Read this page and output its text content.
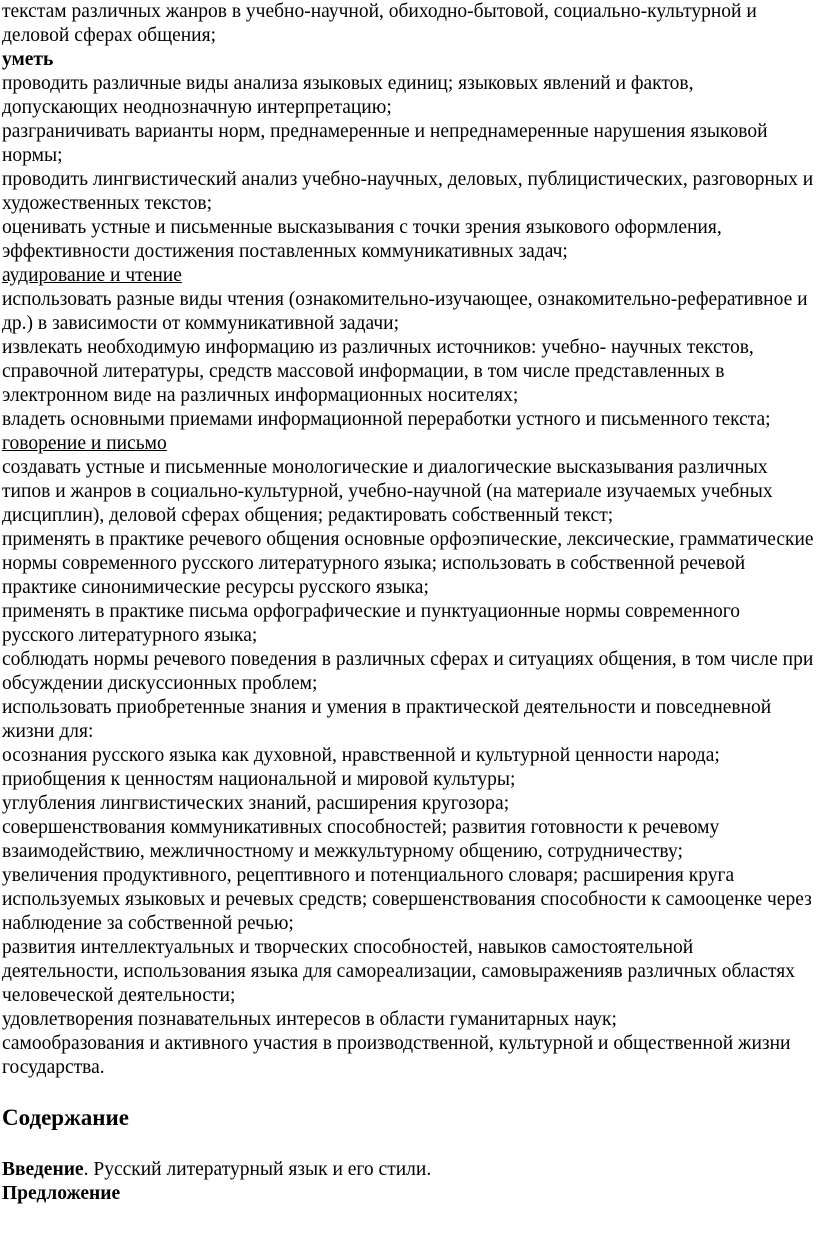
текстам различных жанров в учебно-научной, обиходно-бытовой, социально-культурной и деловой сферах общения;

уметь

проводить различные виды анализа языковых единиц; языковых явлений и фактов, допускающих неоднозначную интерпретацию;

разграничивать варианты норм, преднамеренные и непреднамеренные нарушения языковой нормы;

проводить лингвистический анализ учебно-научных, деловых, публицистических, разговорных и художественных текстов;

оценивать устные и письменные высказывания с точки зрения языкового оформления, эффективности достижения поставленных коммуникативных задач;

аудирование и чтение

использовать разные виды чтения (ознакомительно-изучающее, ознакомительно-реферативное и др.) в зависимости от коммуникативной задачи;

извлекать необходимую информацию из различных источников: учебно- научных текстов, справочной литературы, средств массовой информации, в том числе представленных в электронном виде на различных информационных носителях;

владеть основными приемами информационной переработки устного и письменного текста;

говорение и письмо

создавать устные и письменные монологические и диалогические высказывания различных типов и жанров в социально-культурной, учебно-научной (на материале изучаемых учебных дисциплин), деловой сферах общения; редактировать собственный текст;

применять в практике речевого общения основные орфоэпические, лексические, грамматические нормы современного русского литературного языка; использовать в собственной речевой практике синонимические ресурсы русского языка;

применять в практике письма орфографические и пунктуационные нормы современного русского литературного языка;

соблюдать нормы речевого поведения в различных сферах и ситуациях общения, в том числе при обсуждении дискуссионных проблем;

использовать приобретенные знания и умения в практической деятельности и повседневной жизни для:

осознания русского языка как духовной, нравственной и культурной ценности народа;

приобщения к ценностям национальной и мировой культуры;

углубления лингвистических знаний, расширения кругозора;

совершенствования коммуникативных способностей; развития готовности к речевому взаимодействию, межличностному и межкультурному общению, сотрудничеству;

увеличения продуктивного, рецептивного и потенциального словаря; расширения круга используемых языковых и речевых средств; совершенствования способности к самооценке через наблюдение за собственной речью;

развития интеллектуальных и творческих способностей, навыков самостоятельной деятельности, использования языка для самореализации, самовыраженияв различных областях человеческой деятельности;

удовлетворения познавательных интересов в области гуманитарных наук;

самообразования и активного участия в производственной, культурной и общественной жизни государства.

Содержание

Введение. Русский литературный язык и его стили.

Предложение
